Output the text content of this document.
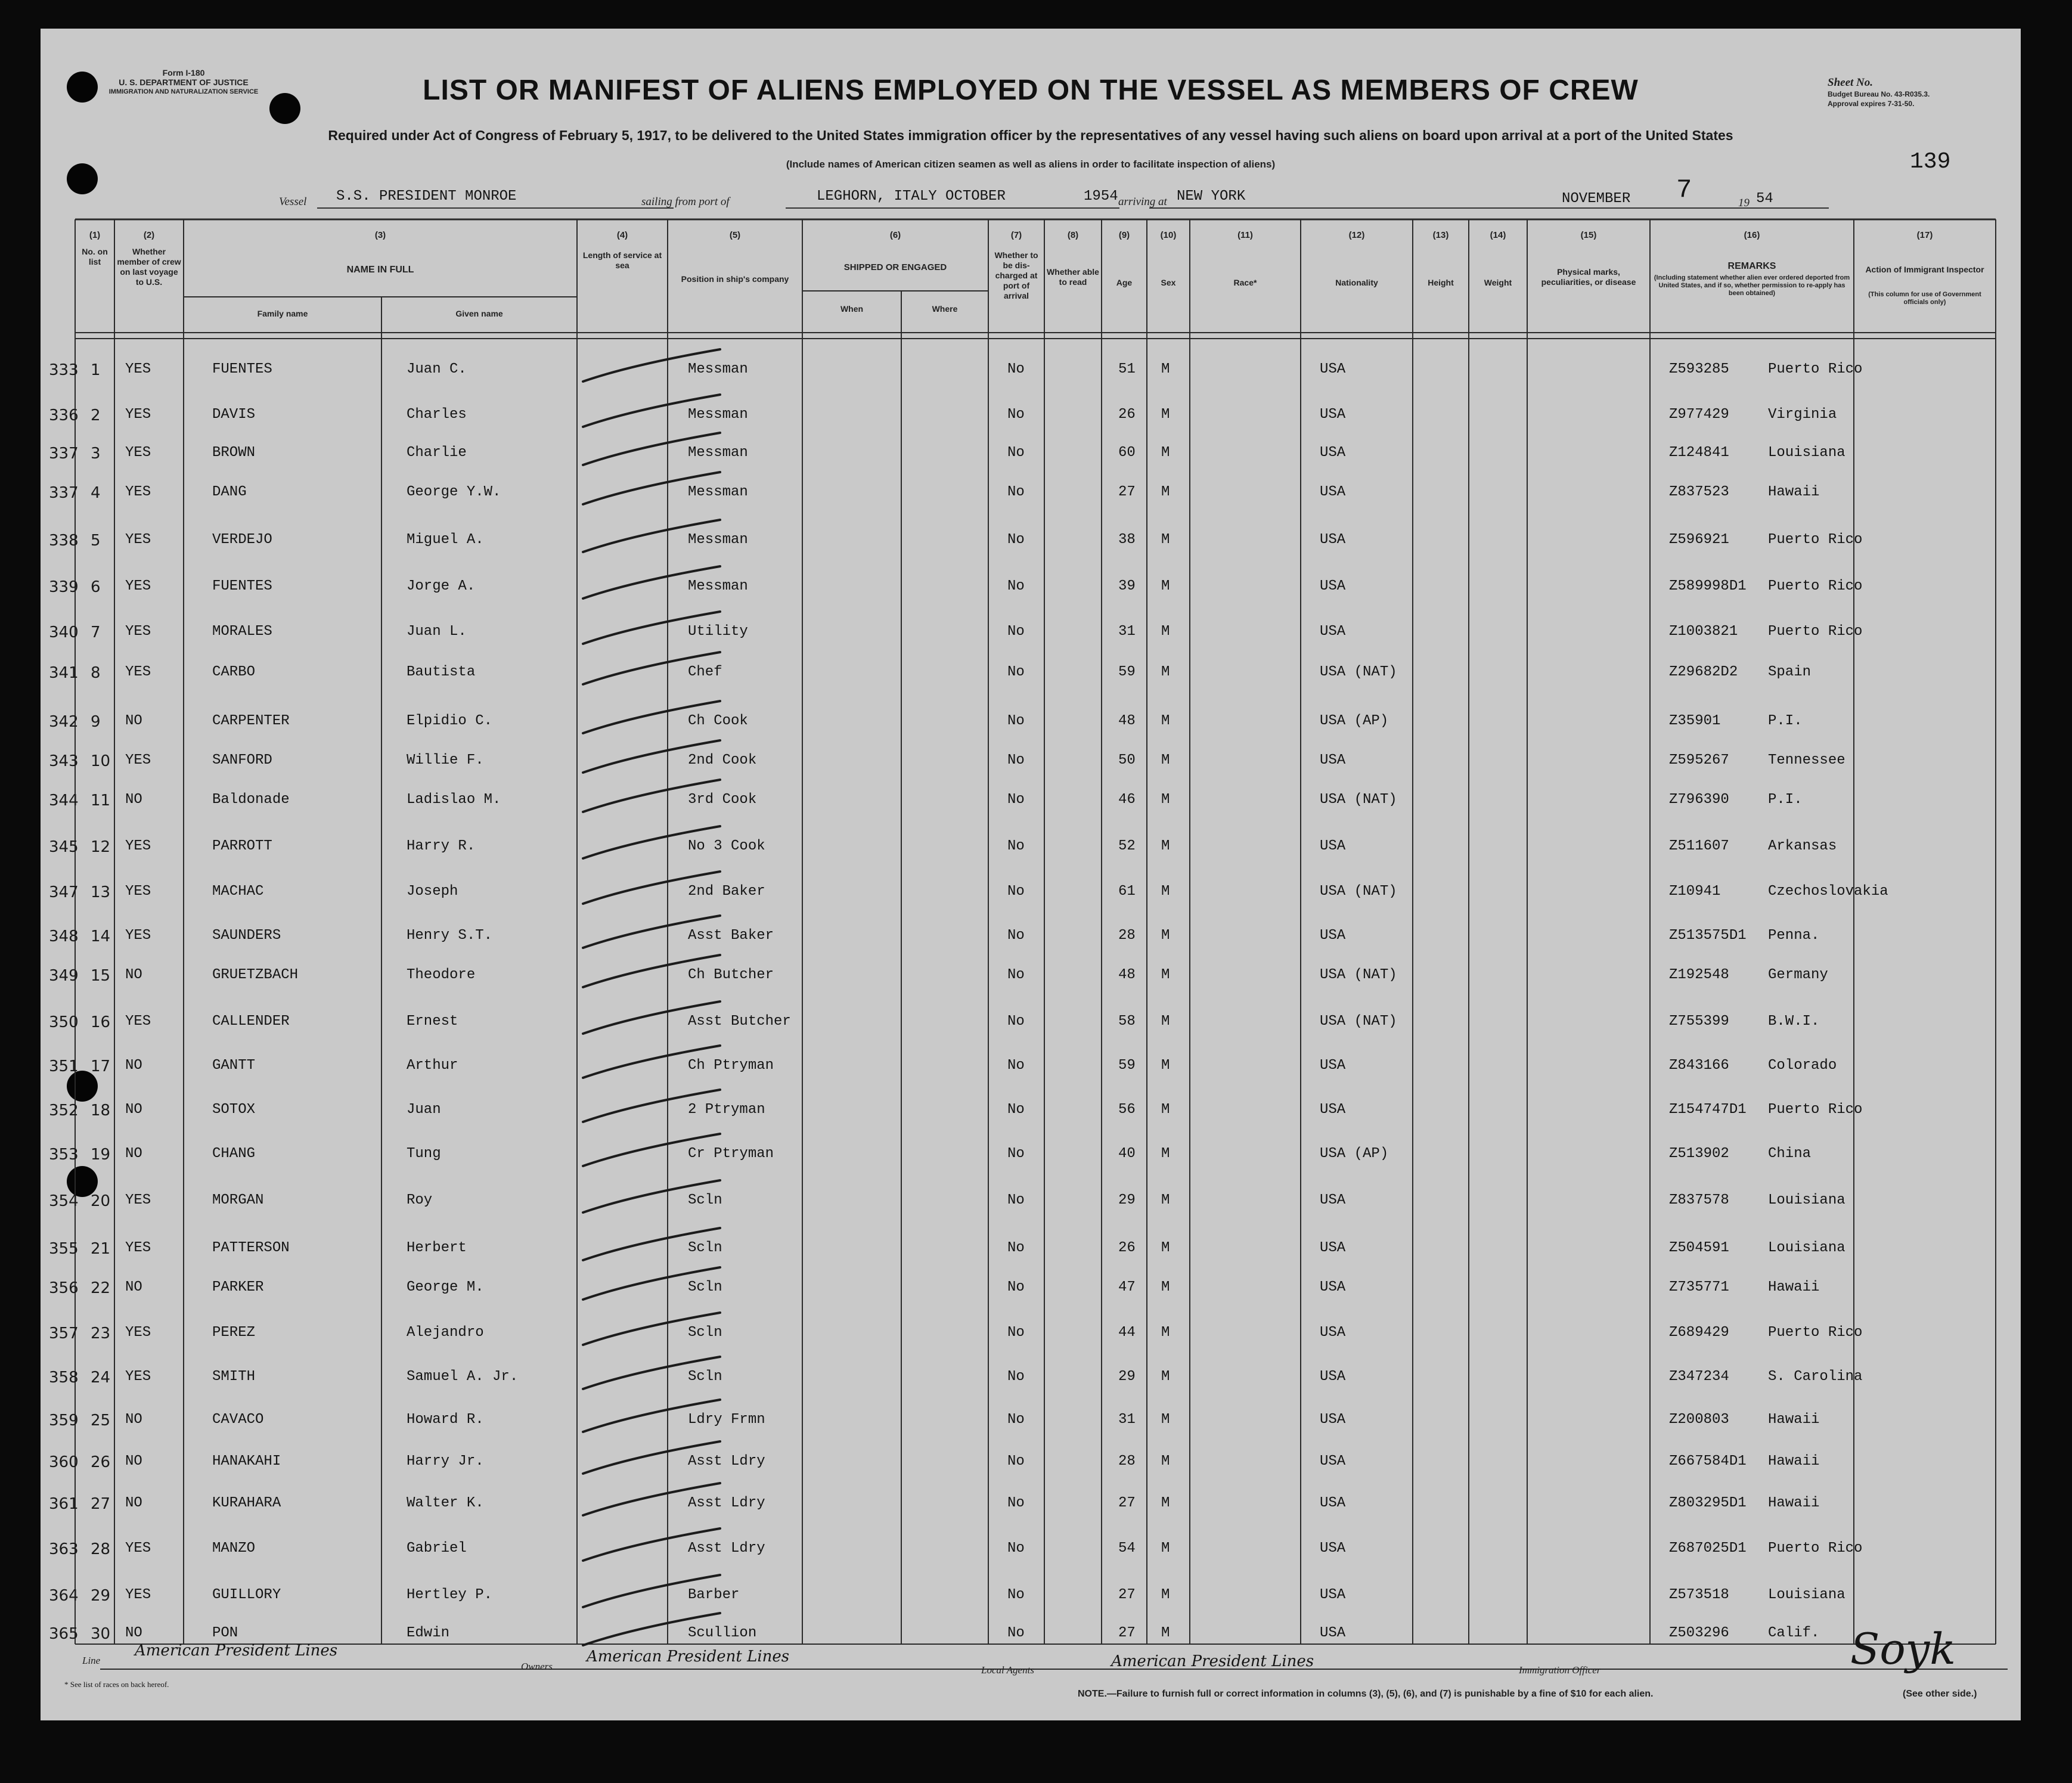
Form I-180
U. S. DEPARTMENT OF JUSTICE
IMMIGRATION AND NATURALIZATION SERVICE
Sheet No.
Budget Bureau No. 43-R035.3.
Approval expires 7-31-50.
139
LIST OR MANIFEST OF ALIENS EMPLOYED ON THE VESSEL AS MEMBERS OF CREW
Required under Act of Congress of February 5, 1917, to be delivered to the United States immigration officer by the representatives of any vessel having such aliens on board upon arrival at a port of the United States
(Include names of American citizen seamen as well as aliens in order to facilitate inspection of aliens)
Vessel S.S. PRESIDENT MONROE	sailing from port of	LEGHORN, ITALY OCTOBER	1954 arriving at NEW YORK	NOVEMBER 7	19 54
(1)	(2)	(3)	(4)	(5)	(6)	(7)	(8)	(9)	(10)	(11)	(12)	(13)	(14)	(15)	(16)	(17)
No. on list
Whether member of crew on last voyage to U.S.
NAME IN FULL
Family name	Given name
Length of service at sea
Position in ship's company
SHIPPED OR ENGAGED
When	Where
Whether to be dis-charged at port of arrival
Whether able to read	Age	Sex	Race*	Nationality	Height	Weight
Physical marks, peculiarities, or disease
REMARKS
(Including statement whether alien ever ordered deported from United States, and if so, whether permission to re-apply has been obtained)
Action of Immigrant Inspector
(This column for use of Government officials only)
333 1 YES	FUENTES	Juan C.	Messman	No	51 M	USA	Z593285	Puerto Rico
336 2 YES	DAVIS	Charles	Messman	No	26 M	USA	Z977429	Virginia
337 3 YES	BROWN	Charlie	Messman	No	60 M	USA	Z124841	Louisiana
337 4 YES	DANG	George Y.W.	Messman	No	27 M	USA	Z837523	Hawaii
338 5 YES	VERDEJO	Miguel A.	Messman	No	38 M	USA	Z596921	Puerto Rico
339 6 YES	FUENTES	Jorge A.	Messman	No	39 M	USA	Z589998D1 Puerto Rico
340 7 YES	MORALES	Juan L.	Utility	No	31 M	USA	Z1003821 Puerto Rico
341 8 YES	CARBO	Bautista	Chef	No	59 M	USA (NAT)	Z29682D2 Spain
342 9 NO	CARPENTER	Elpidio C.	Ch Cook	No	48 M	USA (AP)	Z35901	P.I.
343 10 YES	SANFORD	Willie F.	2nd Cook	No	50 M	USA	Z595267	Tennessee
344 11 NO	Baldonade	Ladislao M.	3rd Cook	No	46 M	USA (NAT)	Z796390	P.I.
345 12 YES	PARROTT	Harry R.	No 3 Cook	No	52 M	USA	Z511607	Arkansas
347 13 YES	MACHAC	Joseph	2nd Baker	No	61 M	USA (NAT)	Z10941	Czechoslovakia
348 14 YES	SAUNDERS	Henry S.T.	Asst Baker	No	28 M	USA	Z513575D1 Penna.
349 15 NO	GRUETZBACH	Theodore	Ch Butcher	No	48 M	USA (NAT)	Z192548	Germany
350 16 YES	CALLENDER	Ernest	Asst Butcher	No	58 M	USA (NAT)	Z755399	B.W.I.
351 17 NO	GANTT	Arthur	Ch Ptryman	No	59 M	USA	Z843166	Colorado
352 18 NO	SOTOX	Juan	2 Ptryman	No	56 M	USA	Z154747D1 Puerto Rico
353 19 NO	CHANG	Tung	Cr Ptryman	No	40 M	USA (AP)	Z513902	China
354 20 YES	MORGAN	Roy	Scln	No	29 M	USA	Z837578	Louisiana
355 21 YES	PATTERSON	Herbert	Scln	No	26 M	USA	Z504591	Louisiana
356 22 NO	PARKER	George M.	Scln	No	47 M	USA	Z735771	Hawaii
357 23 YES	PEREZ	Alejandro	Scln	No	44 M	USA	Z689429	Puerto Rico
358 24 YES	SMITH	Samuel A. Jr.	Scln	No	29 M	USA	Z347234	S. Carolina
359 25 NO	CAVACO	Howard R.	Ldry Frmn	No	31 M	USA	Z200803	Hawaii
360 26 NO	HANAKAHI	Harry Jr.	Asst Ldry	No	28 M	USA	Z667584D1 Hawaii
361 27 NO	KURAHARA	Walter K.	Asst Ldry	No	27 M	USA	Z803295D1 Hawaii
363 28 YES	MANZO	Gabriel	Asst Ldry	No	54 M	USA	Z687025D1 Puerto Rico
364 29 YES	GUILLORY	Hertley P.	Barber	No	27 M	USA	Z573518	Louisiana
365 30 NO	PON	Edwin	Scullion	No	27 M	USA	Z503296	Calif.
Line
American President Lines
Owners
American President Lines
Local Agents	American President Lines	Immigration Officer	Soyk
* See list of races on back hereof.
NOTE.—Failure to furnish full or correct information in columns (3), (5), (6), and (7) is punishable by a fine of $10 for each alien.	(See other side.)
